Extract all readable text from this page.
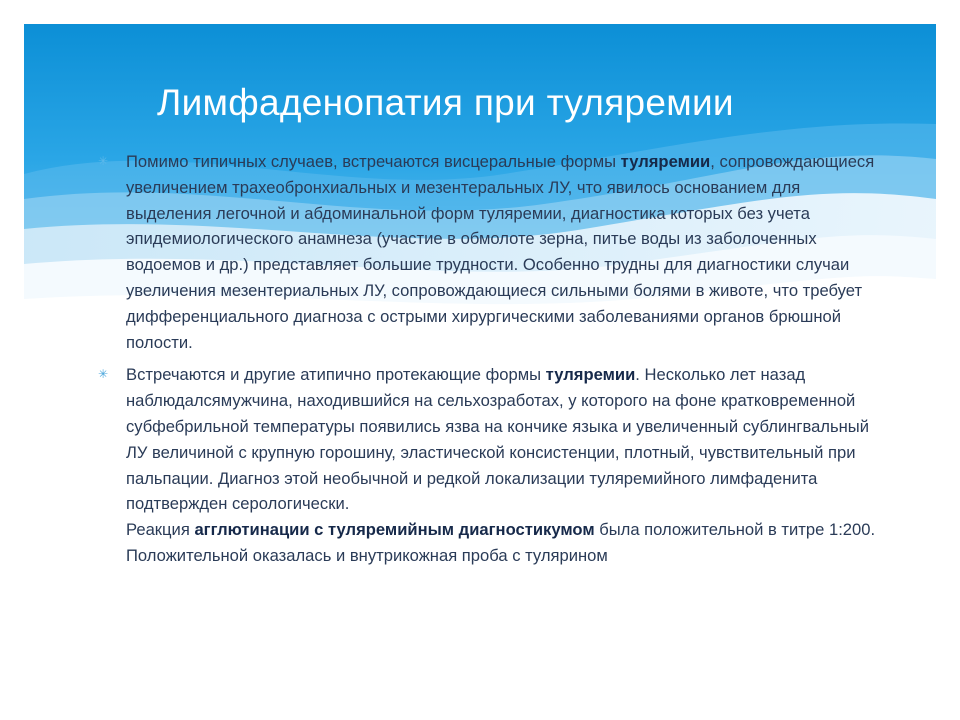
Лимфаденопатия при туляремии

✳ Помимо типичных случаев, встречаются висцеральные формы туляремии, сопровождающиеся увеличением трахеобронхиальных и мезентеральных ЛУ, что явилось основанием для выделения легочной и абдоминальной форм туляремии, диагностика которых без учета эпидемиологического анамнеза (участие в обмолоте зерна, питье воды из заболоченных водоемов и др.) представляет большие трудности. Особенно трудны для диагностики случаи увеличения мезентериальных ЛУ, сопровождающиеся сильными болями в животе, что требует дифференциального диагноза с острыми хирургическими заболеваниями органов брюшной полости.

✳ Встречаются и другие атипично протекающие формы туляремии. Несколько лет назад наблюдалсямужчина, находившийся на сельхозработах, у которого на фоне кратковременной субфебрильной температуры появились язва на кончике языка и увеличенный сублингвальный ЛУ величиной с крупную горошину, эластической консистенции, плотный, чувствительный при пальпации. Диагноз этой необычной и редкой локализации туляремийного лимфаденита подтвержден серологически.
Реакция агглютинации с туляремийным диагностикумом была положительной в титре 1:200. Положительной оказалась и внутрикожная проба с тулярином
